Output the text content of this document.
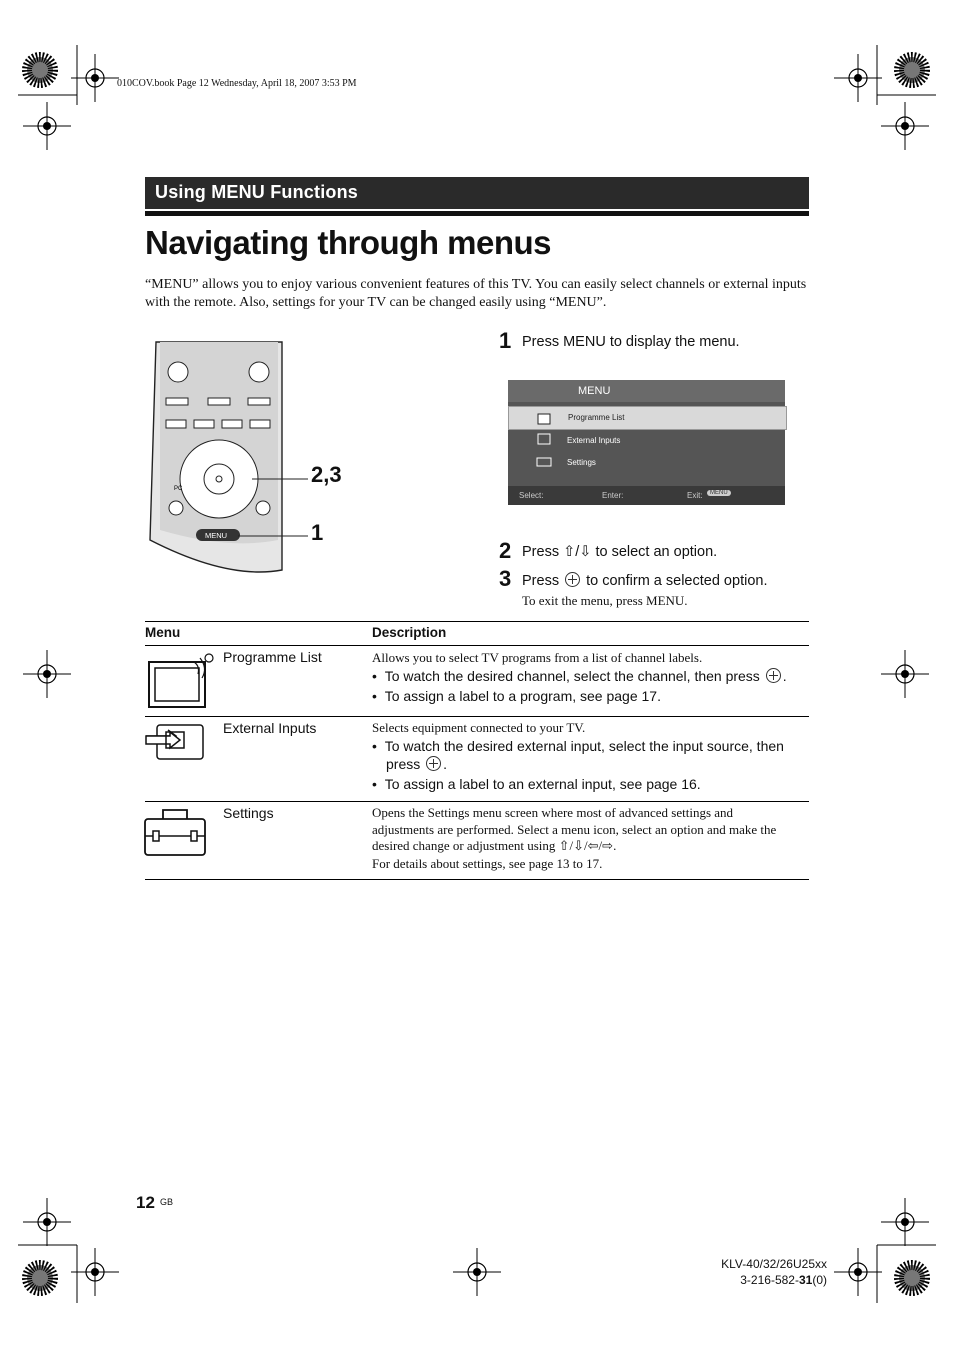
010COV.book Page 12 Wednesday, April 18, 2007 3:53 PM
Using MENU Functions
Navigating through menus
“MENU” allows you to enjoy various convenient features of this TV. You can easily select channels or external inputs with the remote. Also, settings for your TV can be changed easily using “MENU”.
PC
MENU
2,3
1
1 Press MENU to display the menu.
MENU
Programme List
External Inputs
Settings
Select:	Enter:	Exit:	MENU
2 Press ⇧/⇩ to select an option.
3 Press  to confirm a selected option.
To exit the menu, press MENU.
Menu	Description
Programme List	Allows you to select TV programs from a list of channel labels.
•  To watch the desired channel, select the channel, then press .
•  To assign a label to a program, see page 17.
External Inputs	Selects equipment connected to your TV.
•  To watch the desired external input, select the input source, then
press .
•  To assign a label to an external input, see page 16.
Settings	Opens the Settings menu screen where most of advanced settings and
adjustments are performed. Select a menu icon, select an option and make the
desired change or adjustment using ⇧/⇩/⇦/⇨.
For details about settings, see page 13 to 17.
12 GB
KLV-40/32/26U25xx
3-216-582-31(0)
